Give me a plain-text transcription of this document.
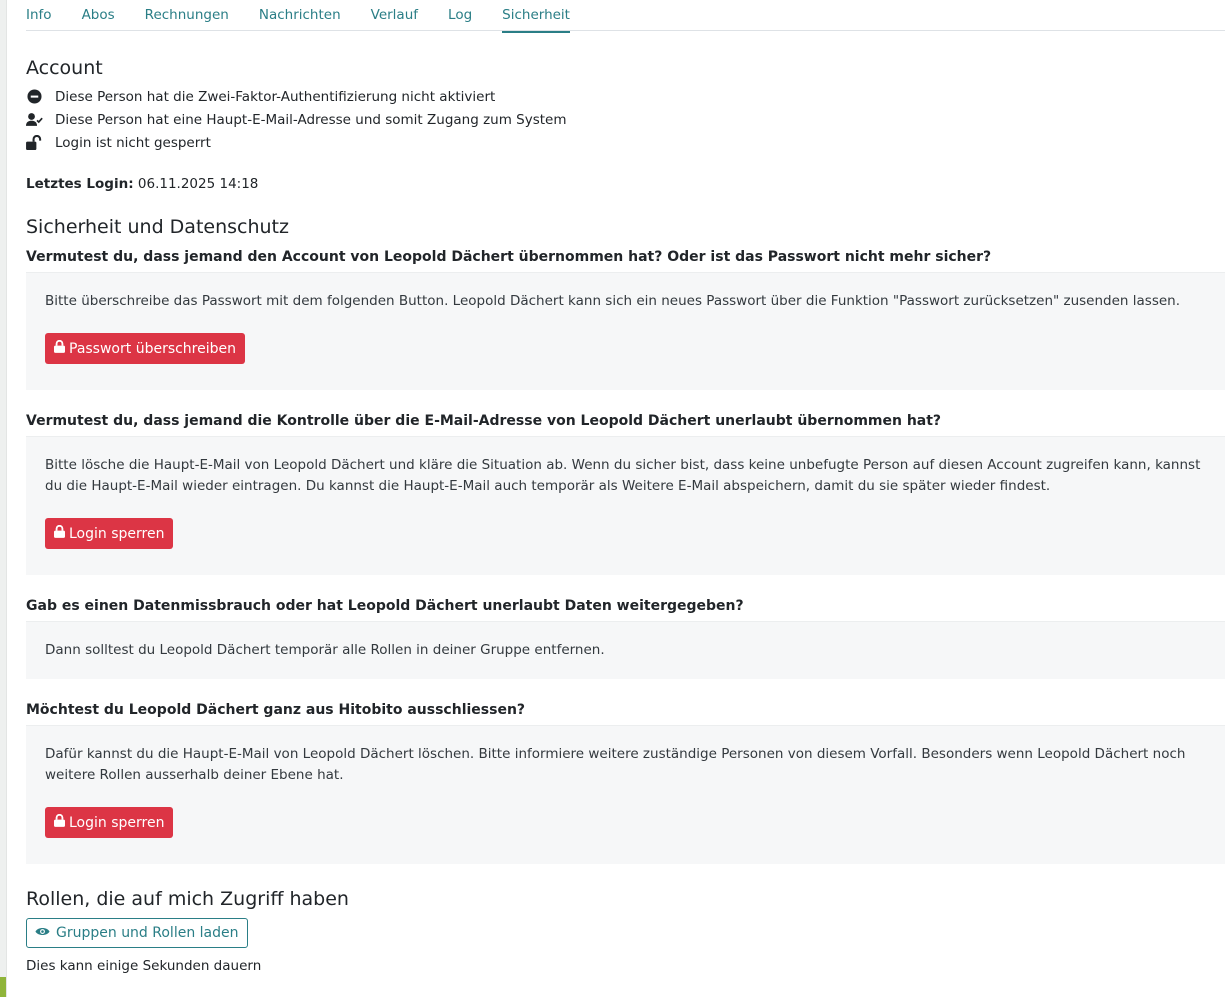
Info Abos Rechnungen Nachrichten Verlauf Log Sicherheit
Account
Diese Person hat die Zwei-Faktor-Authentifizierung nicht aktiviert
Diese Person hat eine Haupt-E-Mail-Adresse und somit Zugang zum System
Login ist nicht gesperrt
Letztes Login: 06.11.2025 14:18
Sicherheit und Datenschutz
Vermutest du, dass jemand den Account von Leopold Dächert übernommen hat? Oder ist das Passwort nicht mehr sicher?

Bitte überschreibe das Passwort mit dem folgenden Button. Leopold Dächert kann sich ein neues Passwort über die Funktion "Passwort zurücksetzen" zusenden lassen.

Passwort überschreiben
Vermutest du, dass jemand die Kontrolle über die E-Mail-Adresse von Leopold Dächert unerlaubt übernommen hat?

Bitte lösche die Haupt-E-Mail von Leopold Dächert und kläre die Situation ab. Wenn du sicher bist, dass keine unbefugte Person auf diesen Account zugreifen kann, kannst du die Haupt-E-Mail wieder eintragen. Du kannst die Haupt-E-Mail auch temporär als Weitere E-Mail abspeichern, damit du sie später wieder findest.

Login sperren
Gab es einen Datenmissbrauch oder hat Leopold Dächert unerlaubt Daten weitergegeben?

Dann solltest du Leopold Dächert temporär alle Rollen in deiner Gruppe entfernen.

Möchtest du Leopold Dächert ganz aus Hitobito ausschliessen?

Dafür kannst du die Haupt-E-Mail von Leopold Dächert löschen. Bitte informiere weitere zuständige Personen von diesem Vorfall. Besonders wenn Leopold Dächert noch weitere Rollen ausserhalb deiner Ebene hat.

Login sperren
Rollen, die auf mich Zugriff haben
Gruppen und Rollen laden
Dies kann einige Sekunden dauern
